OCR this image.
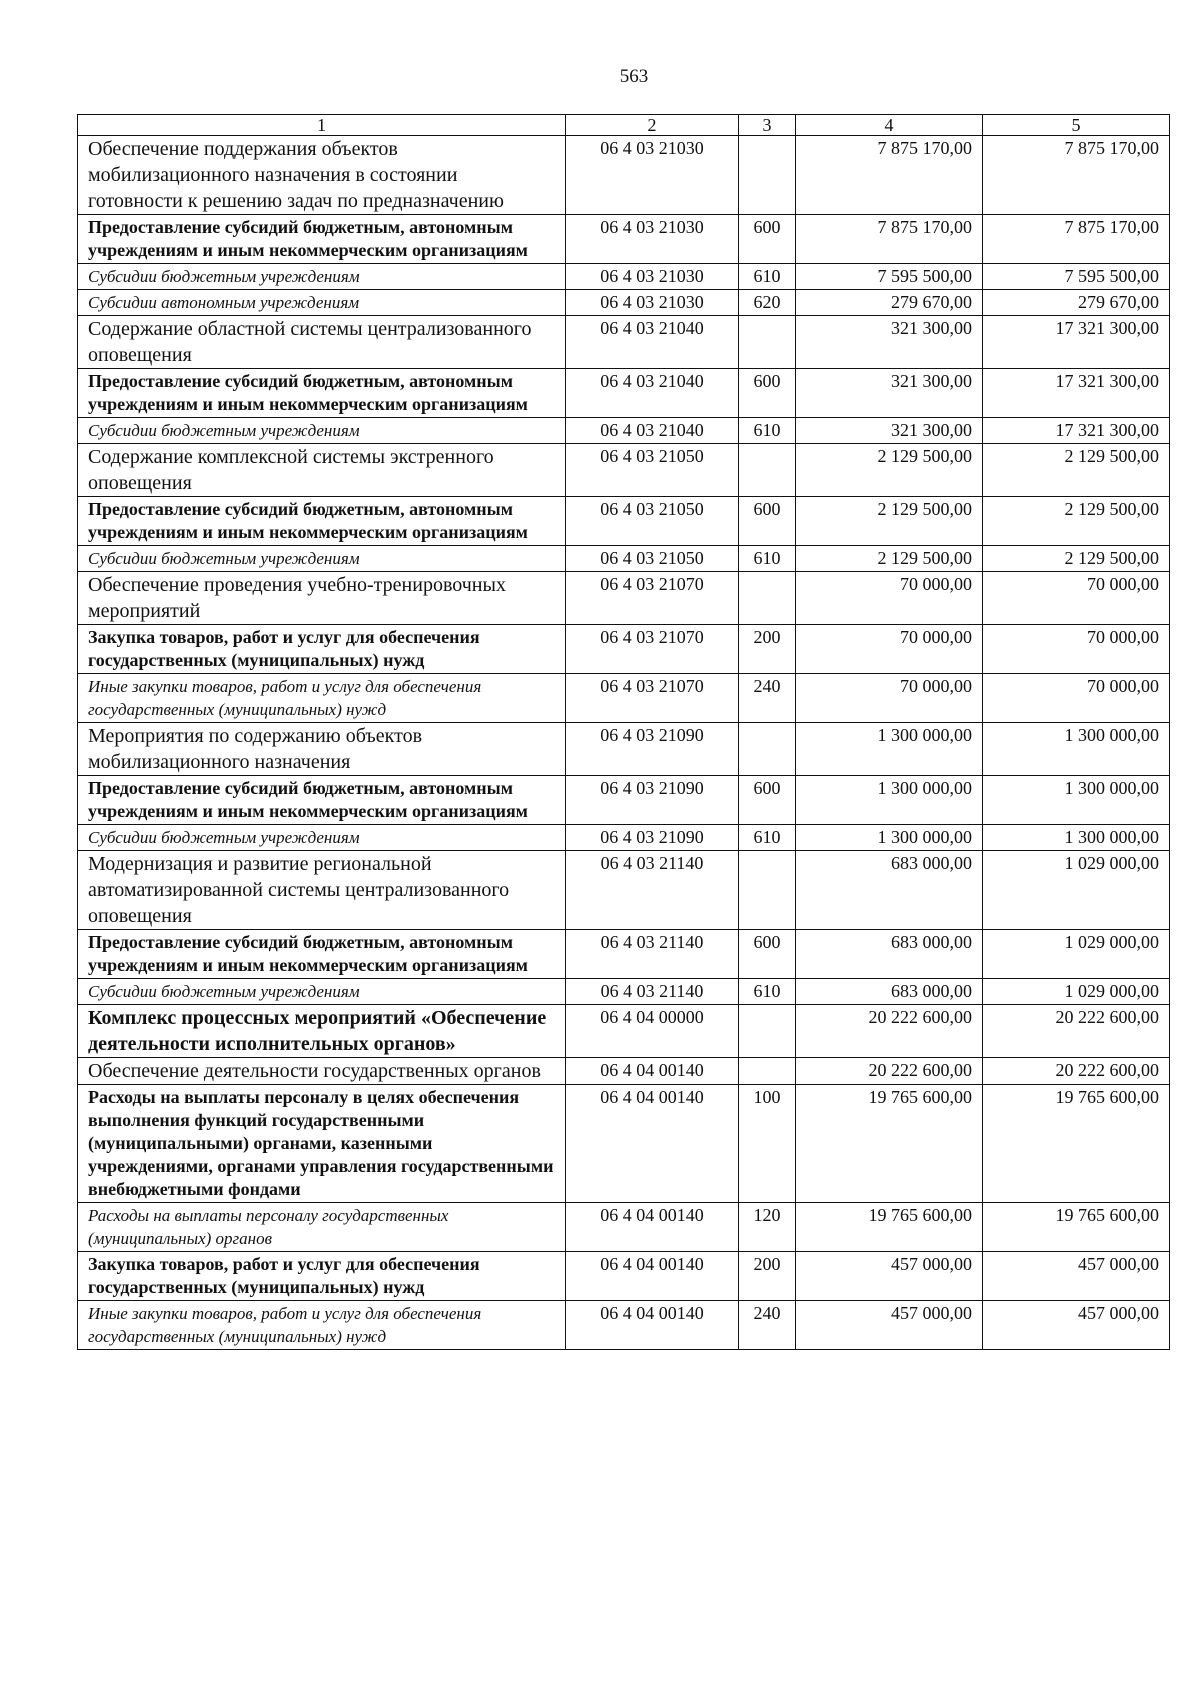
563
1	2	3	4	5
Обеспечение поддержания объектов мобилизационного назначения в состоянии готовности к решению задач по предназначению	06 4 03 21030		7 875 170,00	7 875 170,00
Предоставление субсидий бюджетным, автономным учреждениям и иным некоммерческим организациям	06 4 03 21030	600	7 875 170,00	7 875 170,00
Субсидии бюджетным учреждениям	06 4 03 21030	610	7 595 500,00	7 595 500,00
Субсидии автономным учреждениям	06 4 03 21030	620	279 670,00	279 670,00
Содержание областной системы централизованного оповещения	06 4 03 21040		321 300,00	17 321 300,00
Предоставление субсидий бюджетным, автономным учреждениям и иным некоммерческим организациям	06 4 03 21040	600	321 300,00	17 321 300,00
Субсидии бюджетным учреждениям	06 4 03 21040	610	321 300,00	17 321 300,00
Содержание комплексной системы экстренного оповещения	06 4 03 21050		2 129 500,00	2 129 500,00
Предоставление субсидий бюджетным, автономным учреждениям и иным некоммерческим организациям	06 4 03 21050	600	2 129 500,00	2 129 500,00
Субсидии бюджетным учреждениям	06 4 03 21050	610	2 129 500,00	2 129 500,00
Обеспечение проведения учебно-тренировочных мероприятий	06 4 03 21070		70 000,00	70 000,00
Закупка товаров, работ и услуг для обеспечения государственных (муниципальных) нужд	06 4 03 21070	200	70 000,00	70 000,00
Иные закупки товаров, работ и услуг для обеспечения государственных (муниципальных) нужд	06 4 03 21070	240	70 000,00	70 000,00
Мероприятия по содержанию объектов мобилизационного назначения	06 4 03 21090		1 300 000,00	1 300 000,00
Предоставление субсидий бюджетным, автономным учреждениям и иным некоммерческим организациям	06 4 03 21090	600	1 300 000,00	1 300 000,00
Субсидии бюджетным учреждениям	06 4 03 21090	610	1 300 000,00	1 300 000,00
Модернизация и развитие региональной автоматизированной системы централизованного оповещения	06 4 03 21140		683 000,00	1 029 000,00
Предоставление субсидий бюджетным, автономным учреждениям и иным некоммерческим организациям	06 4 03 21140	600	683 000,00	1 029 000,00
Субсидии бюджетным учреждениям	06 4 03 21140	610	683 000,00	1 029 000,00
Комплекс процессных мероприятий «Обеспечение деятельности исполнительных органов»	06 4 04 00000		20 222 600,00	20 222 600,00
Обеспечение деятельности государственных органов	06 4 04 00140		20 222 600,00	20 222 600,00
Расходы на выплаты персоналу в целях обеспечения выполнения функций государственными (муниципальными) органами, казенными учреждениями, органами управления государственными внебюджетными фондами	06 4 04 00140	100	19 765 600,00	19 765 600,00
Расходы на выплаты персоналу государственных (муниципальных) органов	06 4 04 00140	120	19 765 600,00	19 765 600,00
Закупка товаров, работ и услуг для обеспечения государственных (муниципальных) нужд	06 4 04 00140	200	457 000,00	457 000,00
Иные закупки товаров, работ и услуг для обеспечения государственных (муниципальных) нужд	06 4 04 00140	240	457 000,00	457 000,00
